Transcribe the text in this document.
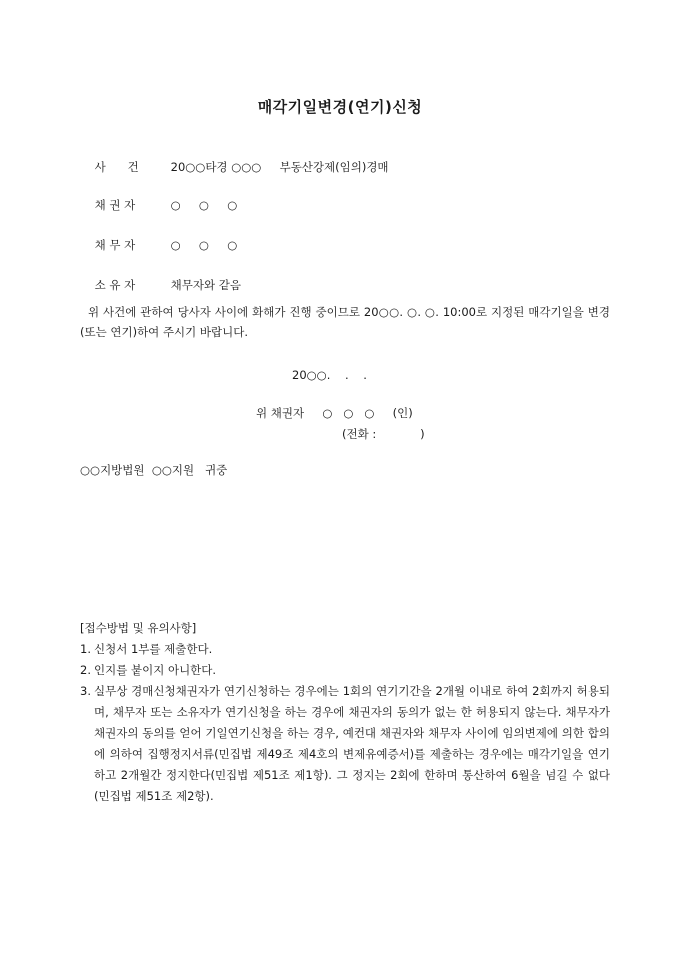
매각기일변경(연기)신청

사      건	20○○타경 ○○○     부동산강제(임의)경매

채 권 자	○     ○     ○

채 무 자	○     ○     ○

소 유 자	채무자와 같음

위 사건에 관하여 당사자 사이에 화해가 진행 중이므로 20○○. ○. ○. 10:00로 지정된 매각기일을 변경(또는 연기)하여 주시기 바랍니다.
20○○.    .    .
위 채권자     ○   ○   ○     (인)
(전화 :            )
○○지방법원  ○○지원   귀중
[접수방법 및 유의사항]
1. 신청서 1부를 제출한다.
2. 인지를 붙이지 아니한다.
3. 실무상 경매신청채권자가 연기신청하는 경우에는 1회의 연기기간을 2개월 이내로 하여 2회까지 허용되며, 채무자 또는 소유자가 연기신청을 하는 경우에 채권자의 동의가 없는 한 허용되지 않는다. 채무자가 채권자의 동의를 얻어 기일연기신청을 하는 경우, 예컨대 채권자와 채무자 사이에 임의변제에 의한 합의에 의하여 집행정지서류(민집법 제49조 제4호의 변제유예증서)를 제출하는 경우에는 매각기일을 연기하고 2개월간 정지한다(민집법 제51조 제1항). 그 정지는 2회에 한하며 통산하여 6월을 넘길 수 없다(민집법 제51조 제2항).
